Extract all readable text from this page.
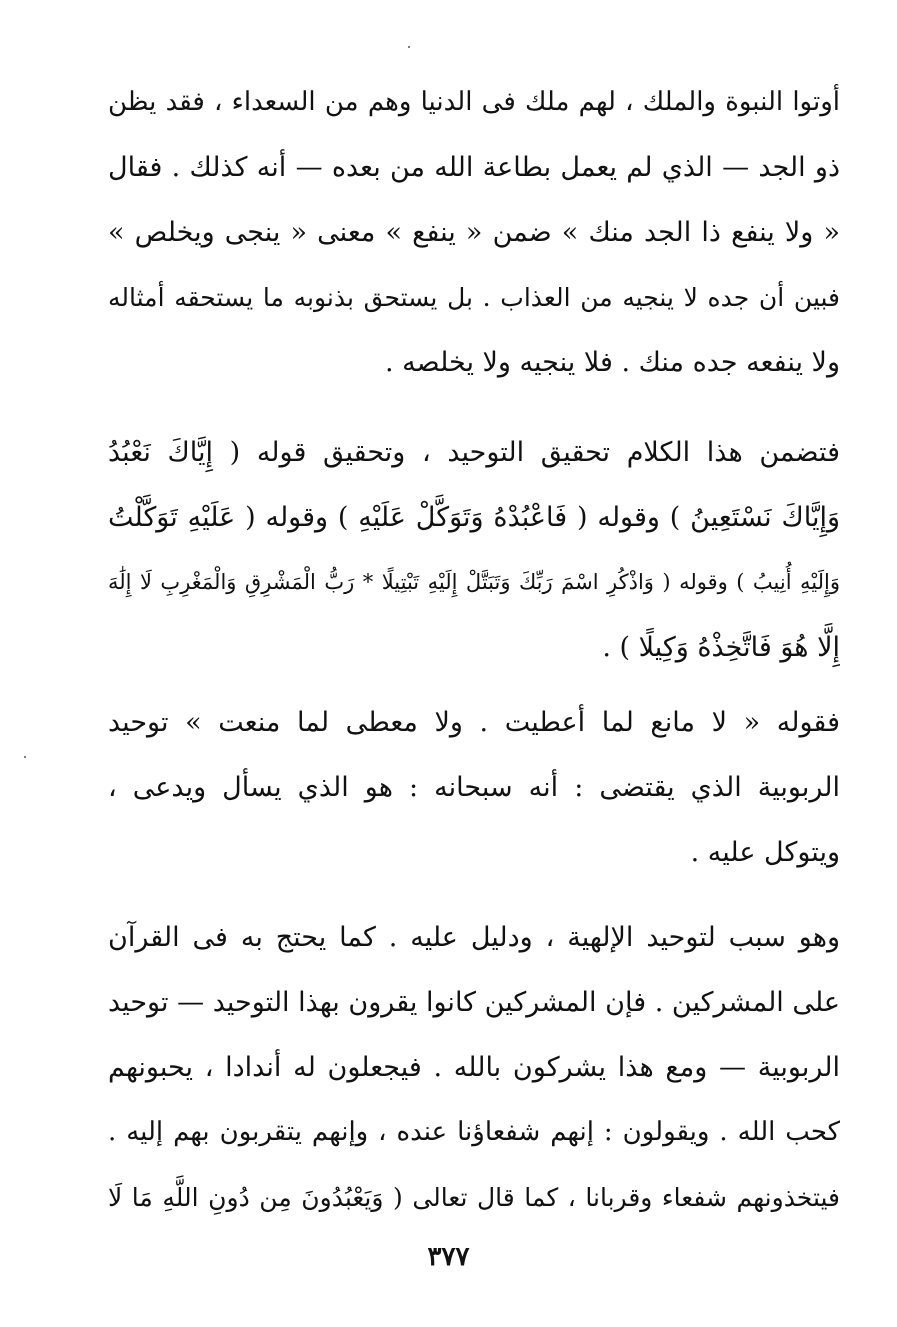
أوتوا النبوة والملك ، لهم ملك فى الدنيا وهم من السعداء ، فقد يظن
ذو الجد — الذي لم يعمل بطاعة الله من بعده — أنه كذلك . فقال
« ولا ينفع ذا الجد منك » ضمن « ينفع » معنى « ينجى ويخلص »
فبين أن جده لا ينجيه من العذاب . بل يستحق بذنوبه ما يستحقه أمثاله
ولا ينفعه جده منك . فلا ينجيه ولا يخلصه .
فتضمن هذا الكلام تحقيق التوحيد ، وتحقيق قوله ( إِيَّاكَ نَعْبُدُ
وَإِيَّاكَ نَسْتَعِينُ ) وقوله ( فَاعْبُدْهُ وَتَوَكَّلْ عَلَيْهِ ) وقوله ( عَلَيْهِ تَوَكَّلْتُ
وَإِلَيْهِ أُنِيبُ ) وقوله ( وَاذْكُرِ اسْمَ رَبِّكَ وَتَبَتَّلْ إِلَيْهِ تَبْتِيلًا * رَبُّ الْمَشْرِقِ وَالْمَغْرِبِ لَا إِلَٰهَ
إِلَّا هُوَ فَاتَّخِذْهُ وَكِيلًا ) .
فقوله « لا مانع لما أعطيت . ولا معطى لما منعت » توحيد
الربوبية الذي يقتضى : أنه سبحانه : هو الذي يسأل ويدعى ،
ويتوكل عليه .
وهو سبب لتوحيد الإلهية ، ودليل عليه . كما يحتج به فى القرآن
على المشركين . فإن المشركين كانوا يقرون بهذا التوحيد — توحيد
الربوبية — ومع هذا يشركون بالله . فيجعلون له أندادا ، يحبونهم
كحب الله . ويقولون : إنهم شفعاؤنا عنده ، وإنهم يتقربون بهم إليه .
فيتخذونهم شفعاء وقربانا ، كما قال تعالى ( وَيَعْبُدُونَ مِن دُونِ اللَّهِ مَا لَا
٣٧٧
